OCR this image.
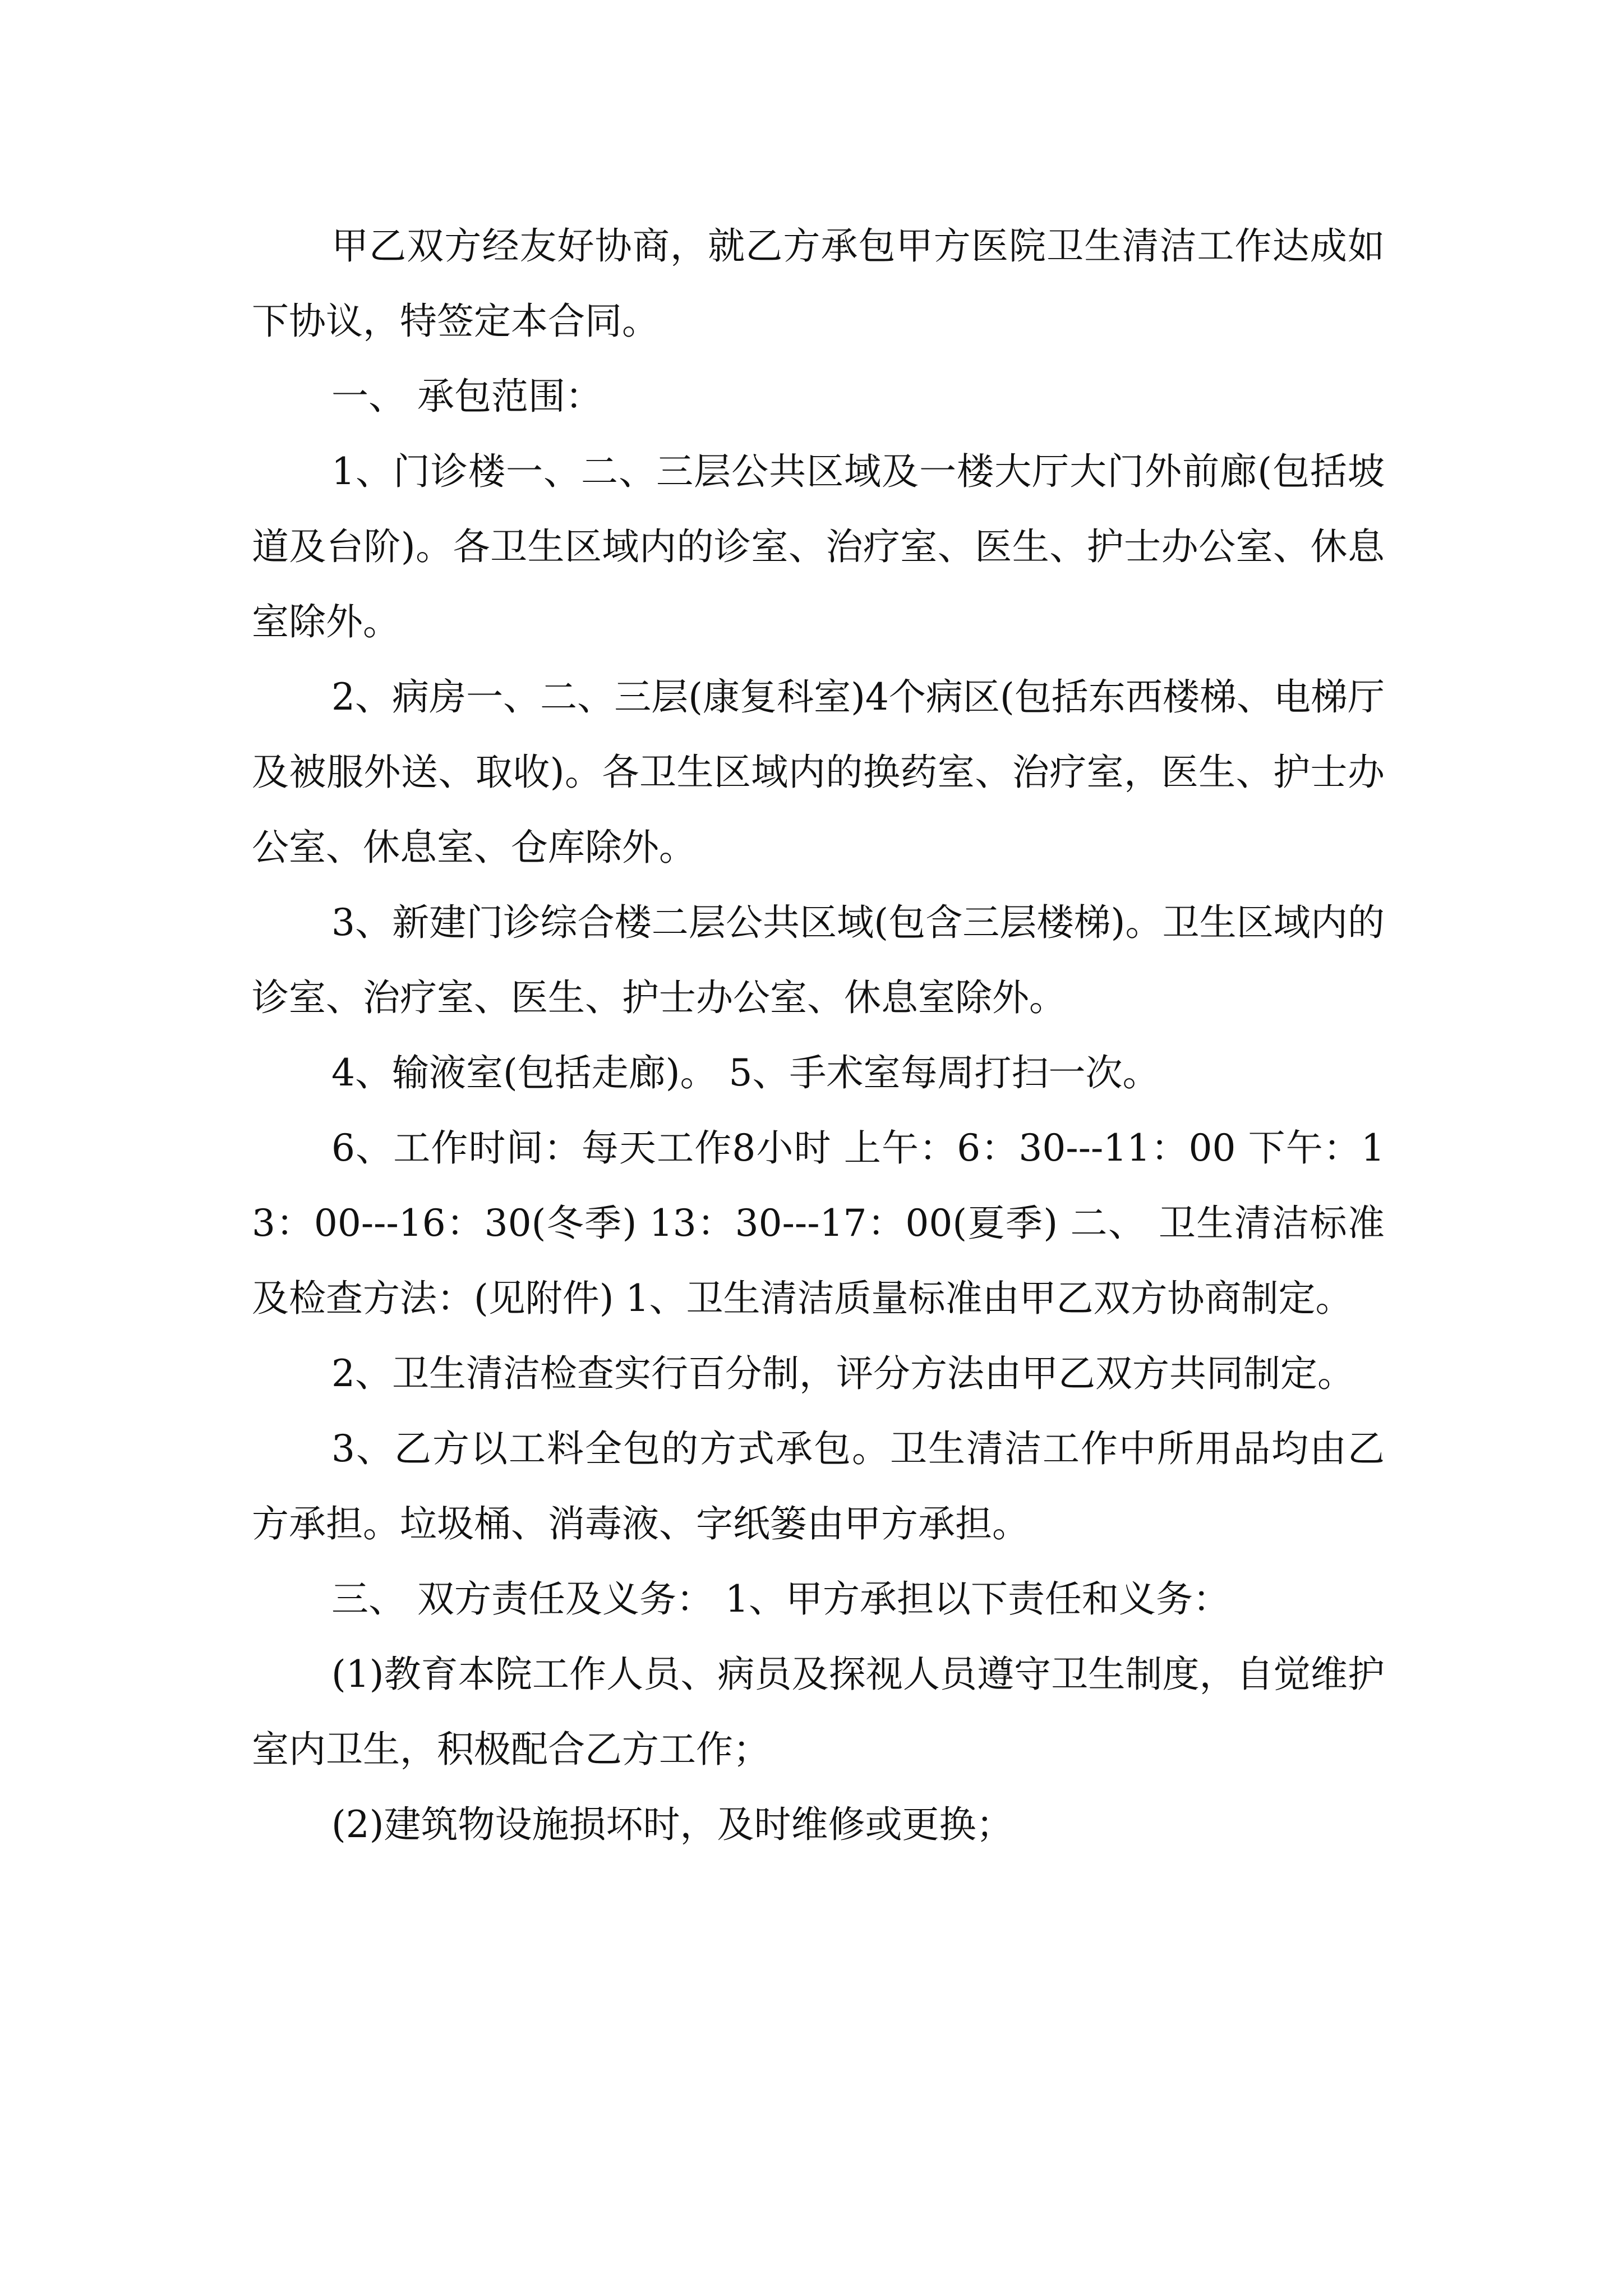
甲乙双方经友好协商，就乙方承包甲方医院卫生清洁工作达成如下协议，特签定本合同。

一、 承包范围：

1、门诊楼一、二、三层公共区域及一楼大厅大门外前廊(包括坡道及台阶)。各卫生区域内的诊室、治疗室、医生、护士办公室、休息室除外。

2、病房一、二、三层(康复科室)4个病区(包括东西楼梯、电梯厅及被服外送、取收)。各卫生区域内的换药室、治疗室，医生、护士办公室、休息室、仓库除外。

3、新建门诊综合楼二层公共区域(包含三层楼梯)。卫生区域内的诊室、治疗室、医生、护士办公室、休息室除外。

4、输液室(包括走廊)。 5、手术室每周打扫一次。

6、工作时间：每天工作8小时 上午：6：30---11：00 下午：13：00---16：30(冬季) 13：30---17：00(夏季) 二、 卫生清洁标准及检查方法：(见附件) 1、卫生清洁质量标准由甲乙双方协商制定。

2、卫生清洁检查实行百分制，评分方法由甲乙双方共同制定。

3、乙方以工料全包的方式承包。卫生清洁工作中所用品均由乙方承担。垃圾桶、消毒液、字纸篓由甲方承担。

三、 双方责任及义务： 1、甲方承担以下责任和义务：

(1)教育本院工作人员、病员及探视人员遵守卫生制度，自觉维护室内卫生，积极配合乙方工作；

(2)建筑物设施损坏时，及时维修或更换；
